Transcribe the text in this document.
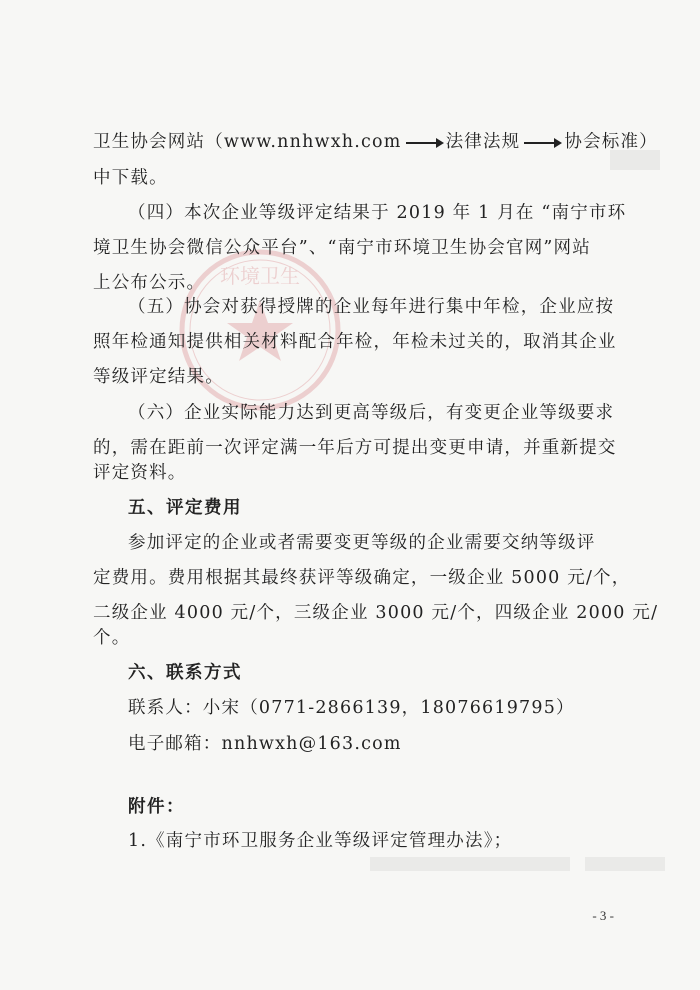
环境卫生
卫生协会网站（www.nnhwxh.com	法律法规	协会标准）
中下载。
（四）本次企业等级评定结果于 2019 年 1 月在 “南宁市环
境卫生协会微信公众平台”、“南宁市环境卫生协会官网”网站
上公布公示。
（五）协会对获得授牌的企业每年进行集中年检，企业应按
照年检通知提供相关材料配合年检，年检未过关的，取消其企业
等级评定结果。
（六）企业实际能力达到更高等级后，有变更企业等级要求
的，需在距前一次评定满一年后方可提出变更申请，并重新提交
评定资料。
五、评定费用
参加评定的企业或者需要变更等级的企业需要交纳等级评
定费用。费用根据其最终获评等级确定，一级企业 5000 元/个，
二级企业 4000 元/个，三级企业 3000 元/个，四级企业 2000 元/
个。
六、联系方式
联系人：小宋（0771-2866139，18076619795）
电子邮箱：nnhwxh@163.com
附件：
1.《南宁市环卫服务企业等级评定管理办法》；
- 3 -
